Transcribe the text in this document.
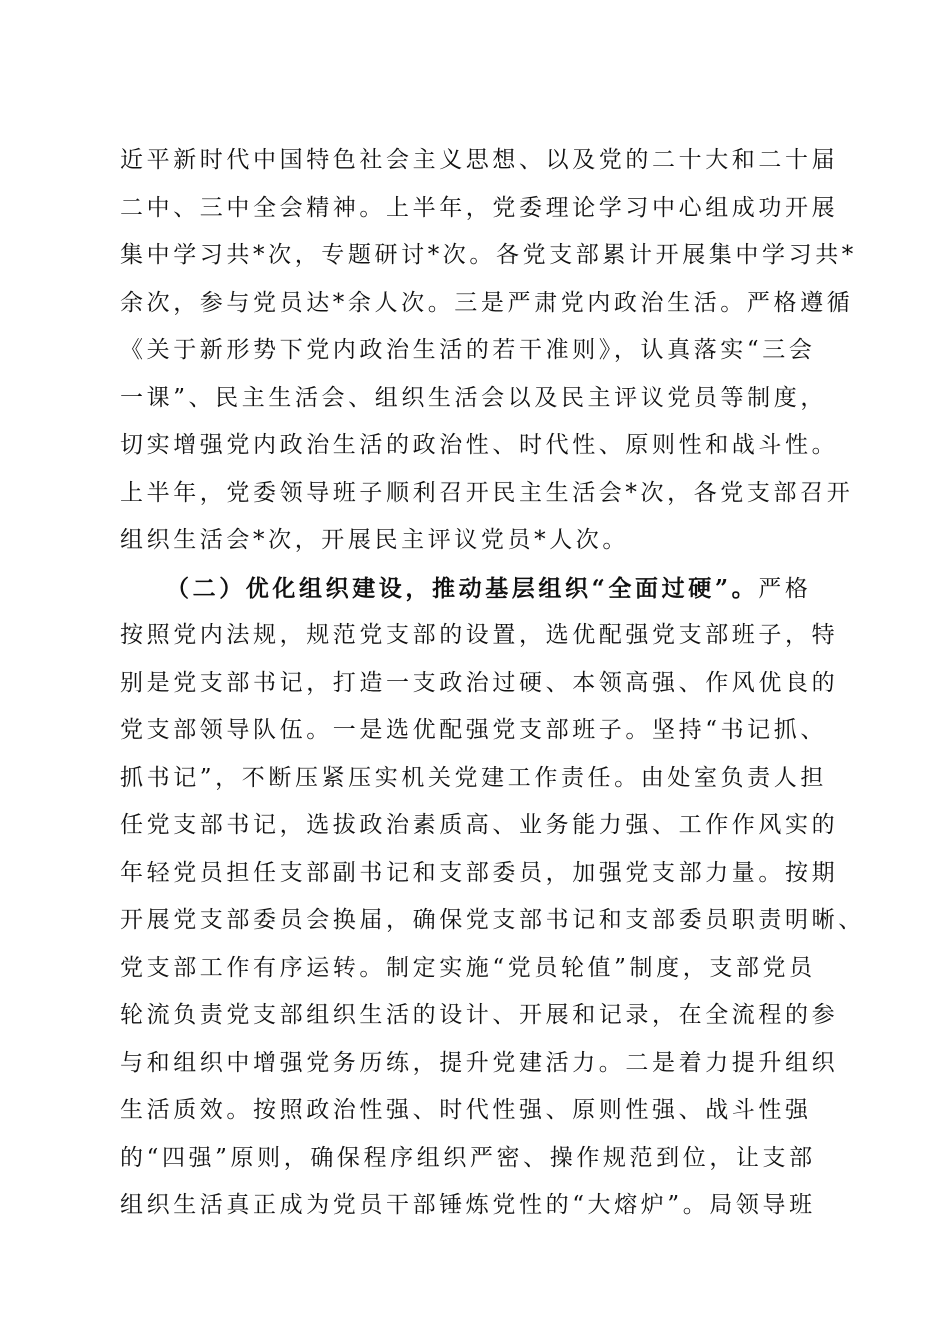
近平新时代中国特色社会主义思想、以及党的二十大和二十届
二中、三中全会精神。上半年，党委理论学习中心组成功开展
集中学习共*次，专题研讨*次。各党支部累计开展集中学习共*
余次，参与党员达*余人次。三是严肃党内政治生活。严格遵循
《关于新形势下党内政治生活的若干准则》，认真落实“三会
一课”、民主生活会、组织生活会以及民主评议党员等制度，
切实增强党内政治生活的政治性、时代性、原则性和战斗性。
上半年，党委领导班子顺利召开民主生活会*次，各党支部召开
组织生活会*次，开展民主评议党员*人次。
（二）优化组织建设，推动基层组织“全面过硬”。严格
按照党内法规，规范党支部的设置，选优配强党支部班子，特
别是党支部书记，打造一支政治过硬、本领高强、作风优良的
党支部领导队伍。一是选优配强党支部班子。坚持“书记抓、
抓书记”，不断压紧压实机关党建工作责任。由处室负责人担
任党支部书记，选拔政治素质高、业务能力强、工作作风实的
年轻党员担任支部副书记和支部委员，加强党支部力量。按期
开展党支部委员会换届，确保党支部书记和支部委员职责明晰、
党支部工作有序运转。制定实施“党员轮值”制度，支部党员
轮流负责党支部组织生活的设计、开展和记录，在全流程的参
与和组织中增强党务历练，提升党建活力。二是着力提升组织
生活质效。按照政治性强、时代性强、原则性强、战斗性强
的“四强”原则，确保程序组织严密、操作规范到位，让支部
组织生活真正成为党员干部锤炼党性的“大熔炉”。局领导班
